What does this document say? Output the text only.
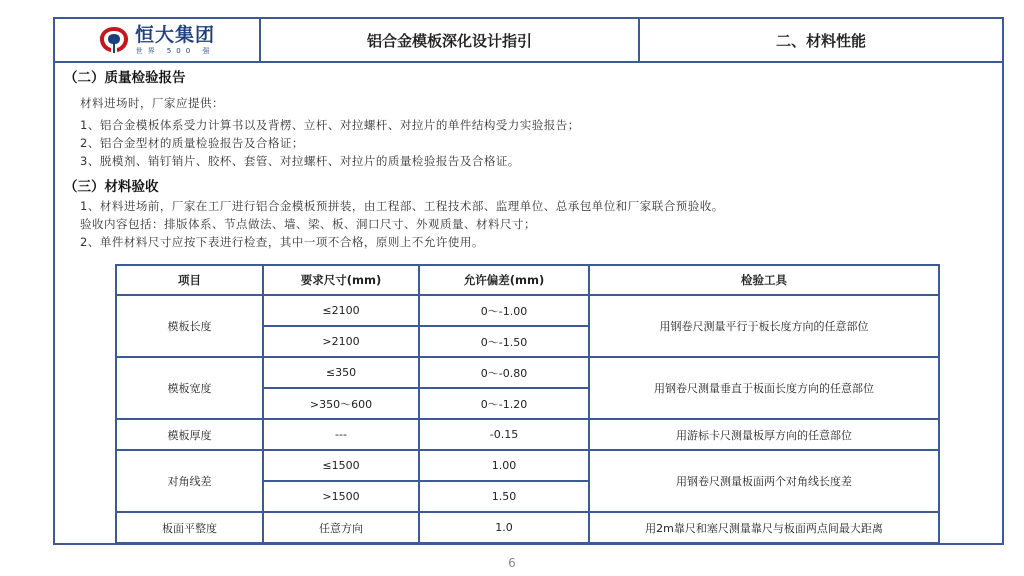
恒大集团
世界 500 强
铝合金模板深化设计指引	二、材料性能
（二）质量检验报告
材料进场时，厂家应提供：
1、铝合金模板体系受力计算书以及背楞、立杆、对拉螺杆、对拉片的单件结构受力实验报告；
2、铝合金型材的质量检验报告及合格证；
3、脱模剂、销钉销片、胶杯、套管、对拉螺杆、对拉片的质量检验报告及合格证。
（三）材料验收
1、材料进场前，厂家在工厂进行铝合金模板预拼装，由工程部、工程技术部、监理单位、总承包单位和厂家联合预验收。
验收内容包括：排版体系、节点做法、墙、梁、板、洞口尺寸、外观质量、材料尺寸；
2、单件材料尺寸应按下表进行检查，其中一项不合格，原则上不允许使用。
项目	要求尺寸(mm)	允许偏差(mm)	检验工具
模板长度	≤2100	0～-1.00	用钢卷尺测量平行于板长度方向的任意部位
	>2100	0～-1.50	
模板宽度	≤350	0～-0.80	用钢卷尺测量垂直于板面长度方向的任意部位
	>350～600	0～-1.20	
模板厚度	---	-0.15	用游标卡尺测量板厚方向的任意部位
对角线差	≤1500	1.00	用钢卷尺测量板面两个对角线长度差
	>1500	1.50	
板面平整度	任意方向	1.0	用2m靠尺和塞尺测量靠尺与板面两点间最大距离
6
